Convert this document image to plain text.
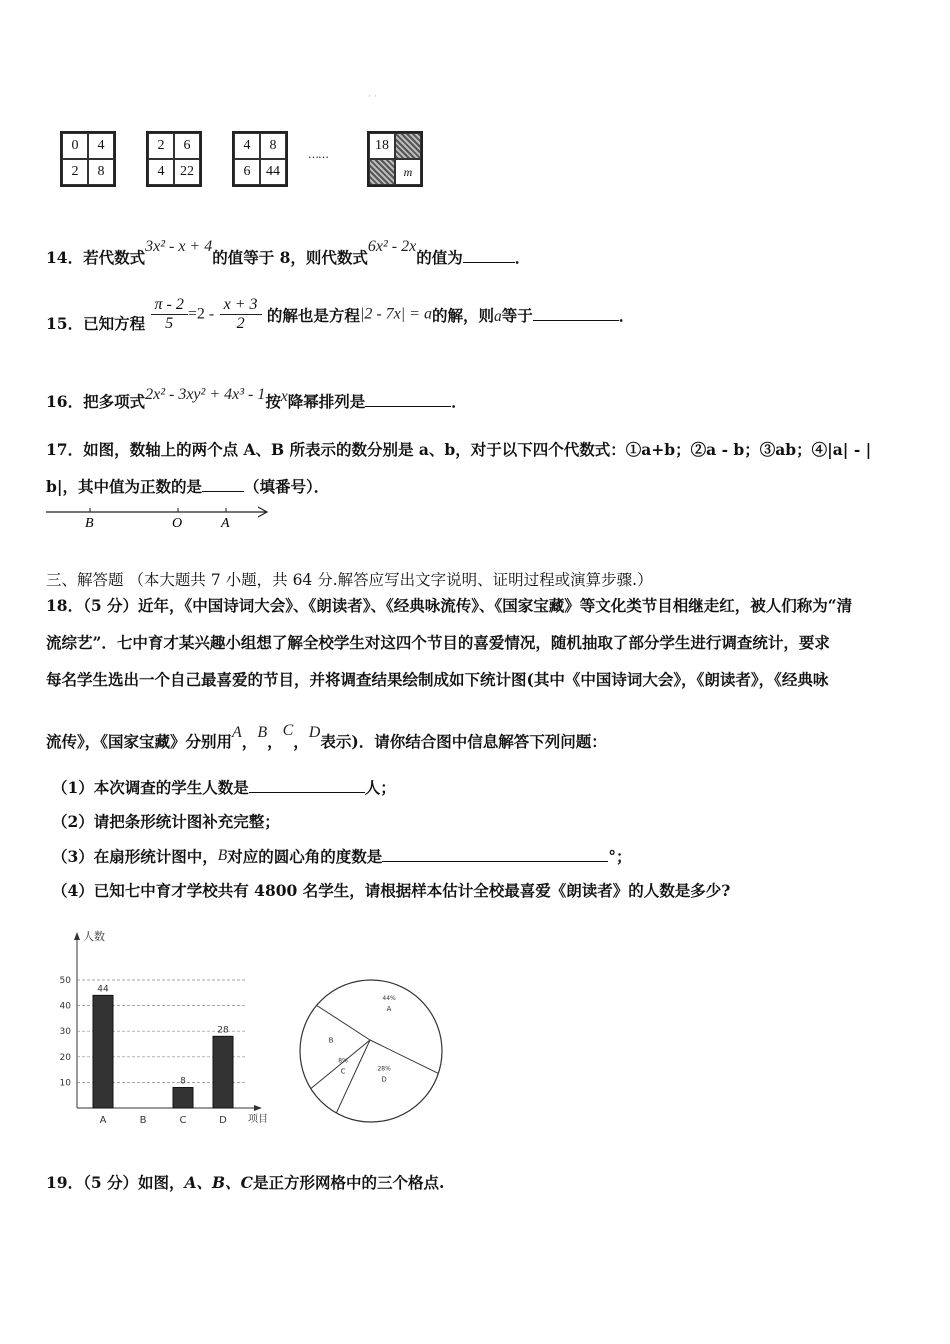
· ·
0	4
2	8
2	6
4	22
4	8
6	44
……
18
m
14．若代数式3x² - x + 4的值等于 8，则代数式6x² - 2x的值为	．
15．已知方程 $\frac{\pi - 2}{5} =2 - \frac{x + 3}{2}$ 的解也是方程|2 - 7x| = a的解，则a等于	．
16．把多项式2x² - 3xy² + 4x³ - 1按x降幂排列是	．
17．如图，数轴上的两个点 A、B 所表示的数分别是 a、b，对于以下四个代数式：①a+b；②a - b；③ab；④|a| - |
b|，其中值为正数的是	（填番号）．
B	O	A
三、解答题 （本大题共 7 小题，共 64 分.解答应写出文字说明、证明过程或演算步骤.）
18．（5 分）近年，《中国诗词大会》、《朗读者》、《经典咏流传》、《国家宝藏》等文化类节目相继走红，被人们称为“清
流综艺”．七中育才某兴趣小组想了解全校学生对这四个节目的喜爱情况，随机抽取了部分学生进行调查统计，要求
每名学生选出一个自己最喜爱的节目，并将调查结果绘制成如下统计图(其中《中国诗词大会》，《朗读者》，《经典咏
流传》，《国家宝藏》分别用A，B，C，D表示)．请你结合图中信息解答下列问题：
（1）本次调查的学生人数是	人；
（2）请把条形统计图补充完整；
（3）在扇形统计图中，B对应的圆心角的度数是	°；
（4）已知七中育才学校共有 4800 名学生，请根据样本估计全校最喜爱《朗读者》的人数是多少?
人数
项目
10
20
30
40
50
44
A	B
8
C
28
D
44%
A
28%
D
8%
C
B
19．（5 分）如图，A、B、C是正方形网格中的三个格点.
